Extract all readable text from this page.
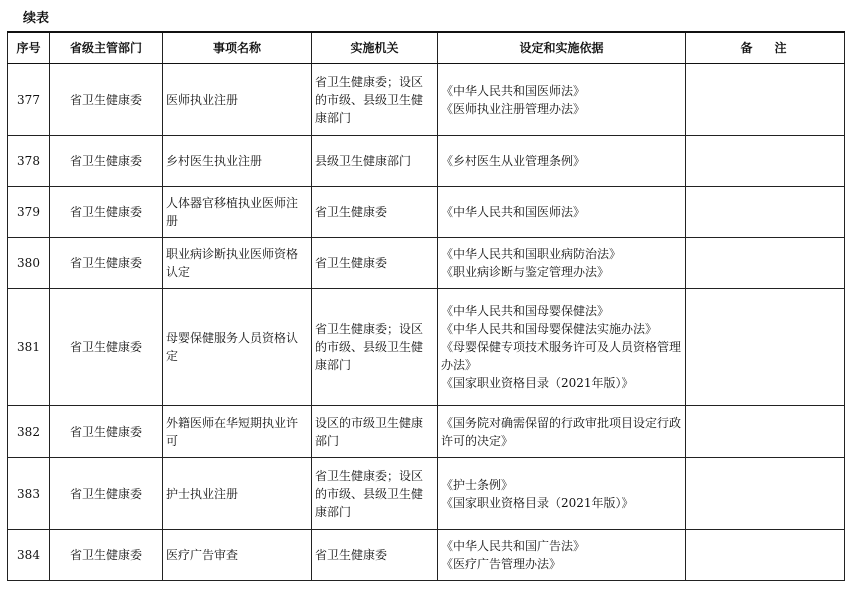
续表
序号	省级主管部门	事项名称	实施机关	设定和实施依据	备注
377	省卫生健康委	医师执业注册	省卫生健康委；设区的市级、县级卫生健康部门	《中华人民共和国医师法》
《医师执业注册管理办法》	

378	省卫生健康委	乡村医生执业注册	县级卫生健康部门	《乡村医生从业管理条例》	

379	省卫生健康委	人体器官移植执业医师注册	省卫生健康委	《中华人民共和国医师法》	

380	省卫生健康委	职业病诊断执业医师资格认定	省卫生健康委	《中华人民共和国职业病防治法》
《职业病诊断与鉴定管理办法》	

381	省卫生健康委	母婴保健服务人员资格认定	省卫生健康委；设区的市级、县级卫生健康部门	《中华人民共和国母婴保健法》
《中华人民共和国母婴保健法实施办法》
《母婴保健专项技术服务许可及人员资格管理办法》
《国家职业资格目录（2021年版）》	

382	省卫生健康委	外籍医师在华短期执业许可	设区的市级卫生健康部门	《国务院对确需保留的行政审批项目设定行政许可的决定》	

383	省卫生健康委	护士执业注册	省卫生健康委；设区的市级、县级卫生健康部门	《护士条例》
《国家职业资格目录（2021年版）》	

384	省卫生健康委	医疗广告审查	省卫生健康委	《中华人民共和国广告法》
《医疗广告管理办法》	
